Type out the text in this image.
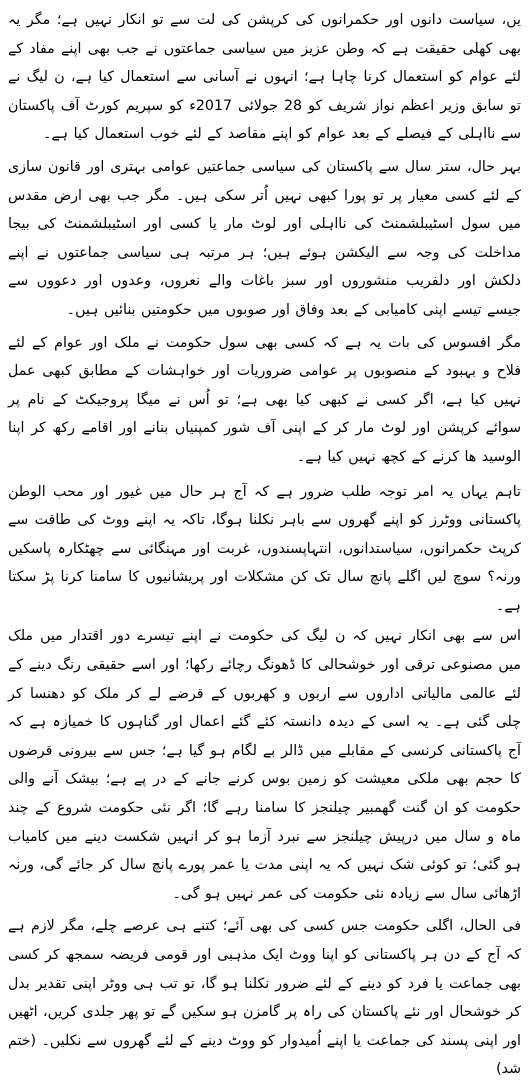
یں، سیاست دانوں اور حکمرانوں کی کرپشن کی لت سے تو انکار نہیں ہے؛ مگر یہ بھی کھلی حقیقت ہے کہ وطن عزیز میں سیاسی جماعتوں نے جب بھی اپنے مفاد کے لئے عوام کو استعمال کرنا چاہا ہے؛ انہوں نے آسانی سے استعمال کیا ہے، ن لیگ نے تو سابق وزیر اعظم نواز شریف کو 28 جولائی 2017ء کو سپریم کورٹ آف پاکستان سے نااہلی کے فیصلے کے بعد عوام کو اپنے مقاصد کے لئے خوب استعمال کیا ہے۔

بہر حال، ستر سال سے پاکستان کی سیاسی جماعتیں عوامی بہتری اور قانون سازی کے لئے کسی معیار پر تو پورا کبھی نہیں اُتر سکی ہیں۔ مگر جب بھی ارض مقدس میں سول اسٹیبلشمنٹ کی نااہلی اور لوٹ مار یا کسی اور اسٹیبلشمنٹ کی بیجا مداخلت کی وجہ سے الیکشن ہوئے ہیں؛ ہر مرتبہ ہی سیاسی جماعتوں نے اپنے دلکش اور دلفریب منشوروں اور سبز باغات والے نعروں، وعدوں اور دعووں سے جیسے تیسے اپنی کامیابی کے بعد وفاق اور صوبوں میں حکومتیں بنائیں ہیں۔

مگر افسوس کی بات یہ ہے کہ کسی بھی سول حکومت نے ملک اور عوام کے لئے فلاح و بہبود کے منصوبوں پر عوامی ضروریات اور خواہشات کے مطابق کبھی عمل نہیں کیا ہے، اگر کسی نے کبھی کیا بھی ہے؛ تو اُس نے میگا پروجیکٹ کے نام پر سوائے کرپشن اور لوٹ مار کر کے اپنی آف شور کمپنیاں بنانے اور اقامے رکھ کر اپنا الوسید ھا کرنے کے کچھ نہیں کیا ہے۔

تاہم یہاں یہ امر توجہ طلب ضرور ہے کہ آج ہر حال میں غیور اور محب الوطن پاکستانی ووٹرز کو اپنے گھروں سے باہر نکلنا ہوگا، تاکہ یہ اپنے ووٹ کی طاقت سے کرپٹ حکمرانوں، سیاستدانوں، انتہاپسندوں، غربت اور مہنگائی سے چھٹکارہ پاسکیں ورنہ؟ سوچ لیں اگلے پانچ سال تک کن مشکلات اور پریشانیوں کا سامنا کرنا پڑ سکتا ہے۔

اس سے بھی انکار نہیں کہ ن لیگ کی حکومت نے اپنے تیسرے دور اقتدار میں ملک میں مصنوعی ترقی اور خوشحالی کا ڈھونگ رچائے رکھا؛ اور اسے حقیقی رنگ دینے کے لئے عالمی مالیاتی اداروں سے اربوں و کھربوں کے قرضے لے کر ملک کو دھنسا کر چلی گئی ہے۔ یہ اسی کے دیدہ دانستہ کئے گئے اعمال اور گناہوں کا خمیازہ ہے کہ آج پاکستانی کرنسی کے مقابلے میں ڈالر بے لگام ہو گیا ہے؛ جس سے بیرونی قرضوں کا حجم بھی ملکی معیشت کو زمین بوس کرنے جانے کے در پے ہے؛ بیشک آنے والی حکومت کو ان گنت گھمبیر چیلنجز کا سامنا رہے گا؛ اگر نئی حکومت شروع کے چند ماہ و سال میں درپیش چیلنجز سے نبرد آزما ہو کر انہیں شکست دینے میں کامیاب ہو گئی؛ تو کوئی شک نہیں کہ یہ اپنی مدت یا عمر پورے پانچ سال کر جائے گی، ورنہ اڑھائی سال سے زیادہ نئی حکومت کی عمر نہیں ہو گی۔

فی الحال، اگلی حکومت جس کسی کی بھی آئے؛ کتنے ہی عرصے چلے، مگر لازم ہے کہ آج کے دن ہر پاکستانی کو اپنا ووٹ ایک مذہبی اور قومی فریضہ سمجھ کر کسی بھی جماعت یا فرد کو دینے کے لئے ضرور نکلنا ہو گا، تو تب ہی ووٹر اپنی تقدیر بدل کر خوشحال اور نئے پاکستان کی راہ پر گامزن ہو سکیں گے تو پھر جلدی کریں، اٹھیں اور اپنی پسند کی جماعت یا اپنے اُمیدوار کو ووٹ دینے کے لئے گھروں سے نکلیں۔ (ختم شد)
